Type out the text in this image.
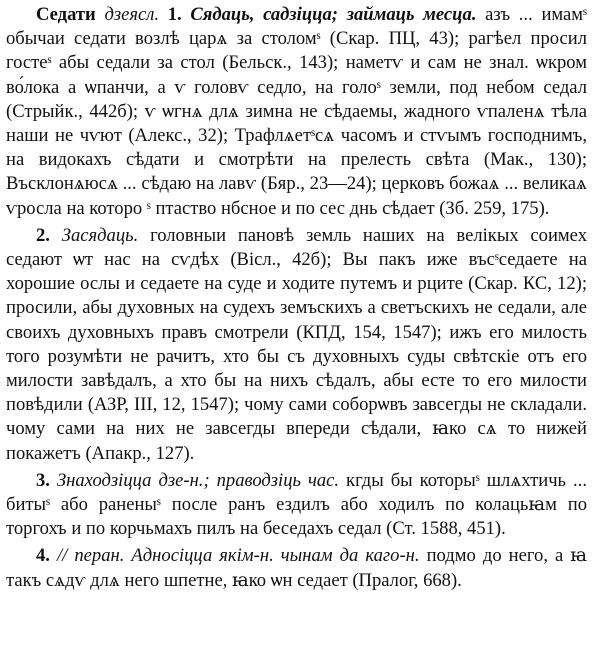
Седати дзеясл. 1. Сядаць, садзіцца; займаць месца. азъ ... имамˢ обычаи седати возлѣ царѧ за столомˢ (Скар. ПЦ, 43); рагѣел просил гостеˢ абы седали за стол (Бельск., 143); наметѵ и сам не знал. ѡкром во́лока а ѡпанчи, а ѵ головѵ седло, на голоˢ земли, под небом седал (Стрыйк., 442б); ѵ ѡгнѧ длѧ зимна не сѣдаемы, жадного ѵпаленѧ тѣла наши не чѵют (Алекс., 32); Трафлѧетˢсѧ часомъ и стѵымъ господнимъ, на видокахъ сѣдати и смотрѣти на прелесть свѣта (Мак., 130); Въсклонѧюсѧ ... сѣдаю на лавѵ (Бяр., 23—24); церковъ божаѧ ... великаѧ ѵросла на которо ˢ птаство нбсное и по сес днь сѣдает (Зб. 259, 175).

2. Засядаць. головныи пановѣ земль наших на велікых соимех седают ѡт нас на сѵдѣх (Вісл., 42б); Вы пакъ иже въсˢседаете на хорошие ослы и седаете на суде и ходите путемъ и рците (Скар. КС, 12); просили, абы духовных на судехъ земъскихъ а светъскихъ не седали, але своихъ духовныхъ правъ смотрели (КПД, 154, 1547); ижъ его милость того розумѣти не рачитъ, хто бы съ духовныхъ суды свѣтскіе отъ его милости завѣдалъ, а хто бы на нихъ сѣдалъ, абы есте то его милости повѣдили (АЗР, III, 12, 1547); чому сами соборѡвъ завсегды не складали. чому сами на них не завсегды впереди сѣдали, ꙗко сѧ то нижей покажетъ (Апакр., 127).

3. Знаходзіцца дзе-н.; праводзіць час. кгды бы которыˢ шлѧхтичь ... битыˢ або раненыˢ после ранъ ездилъ або ходилъ по колацьꙗм по торгохъ и по корчьмахъ пилъ на беседахъ седал (Ст. 1588, 451).

4. // перан. Адносіцца якім-н. чынам да каго-н. подмо до него, а ꙗ такъ сѧдѵ длѧ него шпетне, ꙗко ѡн седает (Пралог, 668).
